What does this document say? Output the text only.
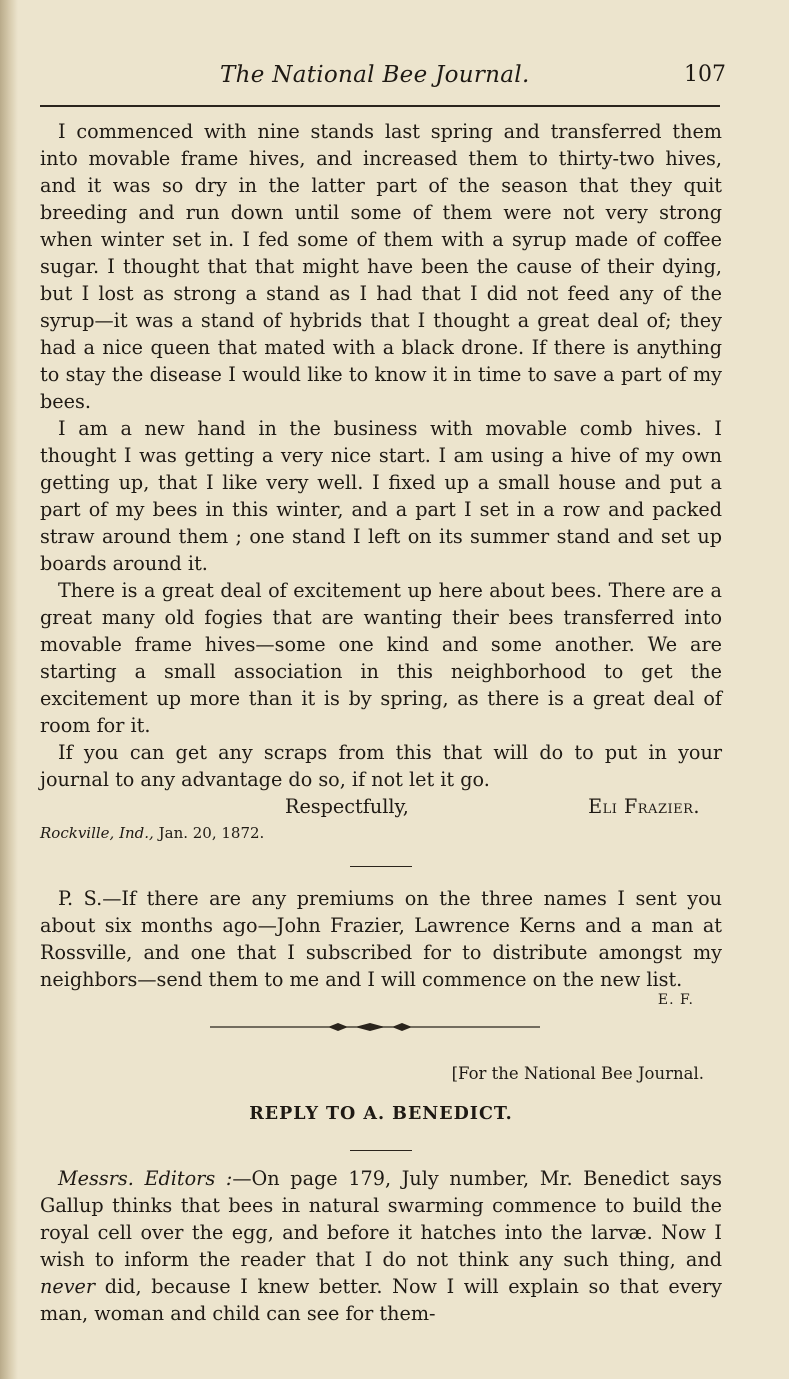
The National Bee Journal.	107

I commenced with nine stands last spring and transferred them into movable frame hives, and increased them to thirty-two hives, and it was so dry in the latter part of the season that they quit breeding and run down until some of them were not very strong when winter set in. I fed some of them with a syrup made of coffee sugar. I thought that that might have been the cause of their dying, but I lost as strong a stand as I had that I did not feed any of the syrup—it was a stand of hybrids that I thought a great deal of; they had a nice queen that mated with a black drone. If there is anything to stay the disease I would like to know it in time to save a part of my bees.

I am a new hand in the business with movable comb hives. I thought I was getting a very nice start. I am using a hive of my own getting up, that I like very well. I fixed up a small house and put a part of my bees in this winter, and a part I set in a row and packed straw around them ; one stand I left on its summer stand and set up boards around it.

There is a great deal of excitement up here about bees. There are a great many old fogies that are wanting their bees transferred into movable frame hives—some one kind and some another. We are starting a small association in this neighborhood to get the excitement up more than it is by spring, as there is a great deal of room for it.

If you can get any scraps from this that will do to put in your journal to any advantage do so, if not let it go.

Respectfully,	Eli Frazier.
Rockville, Ind., Jan. 20, 1872.

P. S.—If there are any premiums on the three names I sent you about six months ago—John Frazier, Lawrence Kerns and a man at Rossville, and one that I subscribed for to distribute amongst my neighbors—send them to me and I will commence on the new list.

E. F.
[For the National Bee Journal.
REPLY TO A. BENEDICT.

Messrs. Editors :—On page 179, July number, Mr. Benedict says Gallup thinks that bees in natural swarming commence to build the royal cell over the egg, and before it hatches into the larvæ. Now I wish to inform the reader that I do not think any such thing, and never did, because I knew better. Now I will explain so that every man, woman and child can see for them-
